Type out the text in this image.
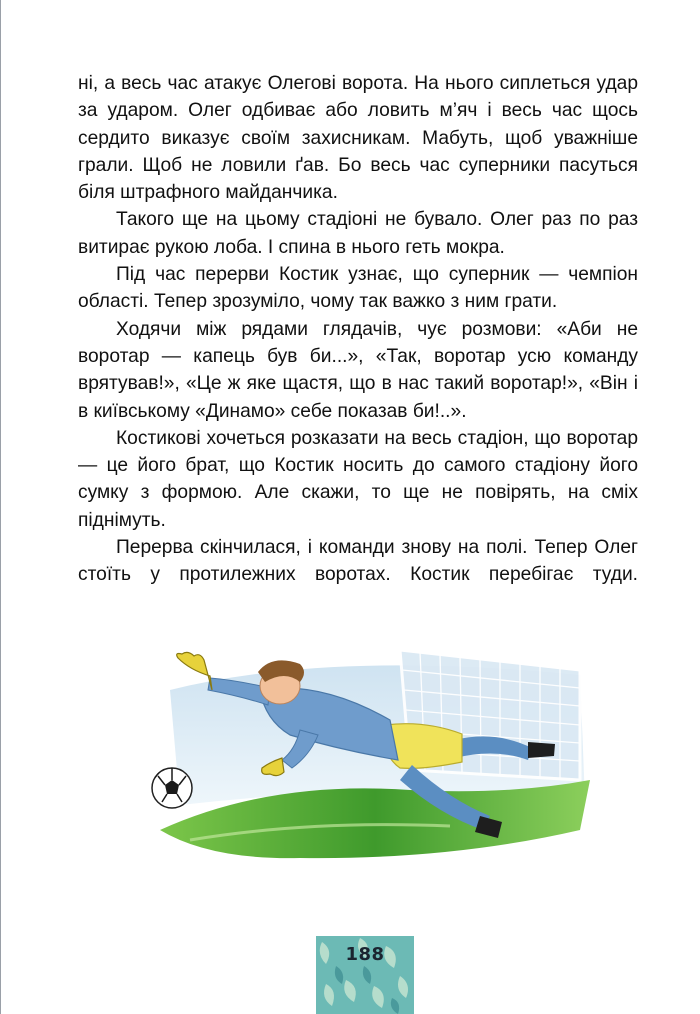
ні, а весь час атакує Олегові ворота. На нього сиплеться удар за ударом. Олег одбиває або ловить м’яч і весь час щось сердито виказує своїм захисникам. Мабуть, щоб уважніше грали. Щоб не ловили ґав. Бо весь час суперники пасуться біля штрафного майданчика.

Такого ще на цьому стадіоні не бувало. Олег раз по раз витирає рукою лоба. І спина в нього геть мокра.

Під час перерви Костик узнає, що суперник — чемпіон області. Тепер зрозуміло, чому так важко з ним грати.

Ходячи між рядами глядачів, чує розмови: «Аби не воротар — капець був би...», «Так, воротар усю команду врятував!», «Це ж яке щастя, що в нас такий воротар!», «Він і в київському «Динамо» себе показав би!..».

Костикові хочеться розказати на весь стадіон, що воротар — це його брат, що Костик носить до самого стадіону його сумку з формою. Але скажи, то ще не повірять, на сміх піднімуть.

Перерва скінчилася, і команди знову на полі. Тепер Олег стоїть у протилежних воротах. Костик перебігає туди.

188
